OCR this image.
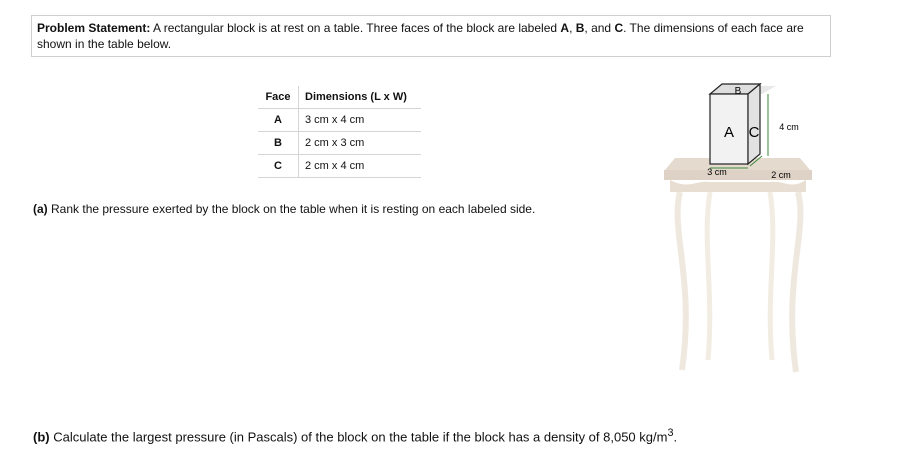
Problem Statement: A rectangular block is at rest on a table. Three faces of the block are labeled A, B, and C. The dimensions of each face are shown in the table below.
Face	Dimensions (L x W)
A	3 cm x 4 cm
B	2 cm x 3 cm
C	2 cm x 4 cm
(a) Rank the pressure exerted by the block on the table when it is resting on each labeled side.
B
A C 4 cm
3 cm	2 cm
(b) Calculate the largest pressure (in Pascals) of the block on the table if the block has a density of 8,050 $kg/m^3$.
